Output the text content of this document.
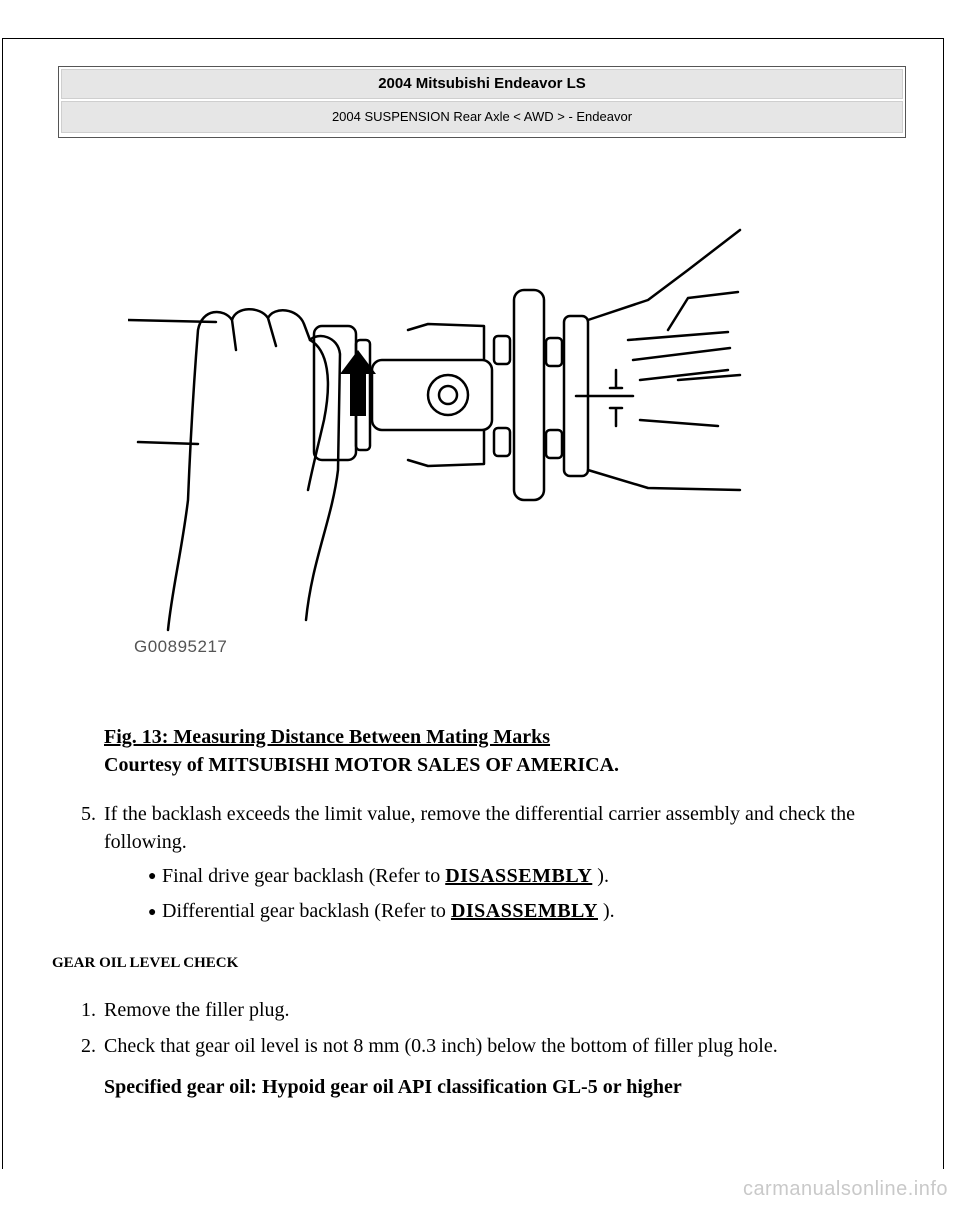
2004 Mitsubishi Endeavor LS
2004 SUSPENSION Rear Axle < AWD > - Endeavor
G00895217
Fig. 13: Measuring Distance Between Mating Marks
Courtesy of MITSUBISHI MOTOR SALES OF AMERICA.
5. If the backlash exceeds the limit value, remove the differential carrier assembly and check the following.
● Final drive gear backlash (Refer to DISASSEMBLY ).
● Differential gear backlash (Refer to DISASSEMBLY ).
GEAR OIL LEVEL CHECK
1. Remove the filler plug.
2. Check that gear oil level is not 8 mm (0.3 inch) below the bottom of filler plug hole.
Specified gear oil: Hypoid gear oil API classification GL-5 or higher
carmanualsonline.info
